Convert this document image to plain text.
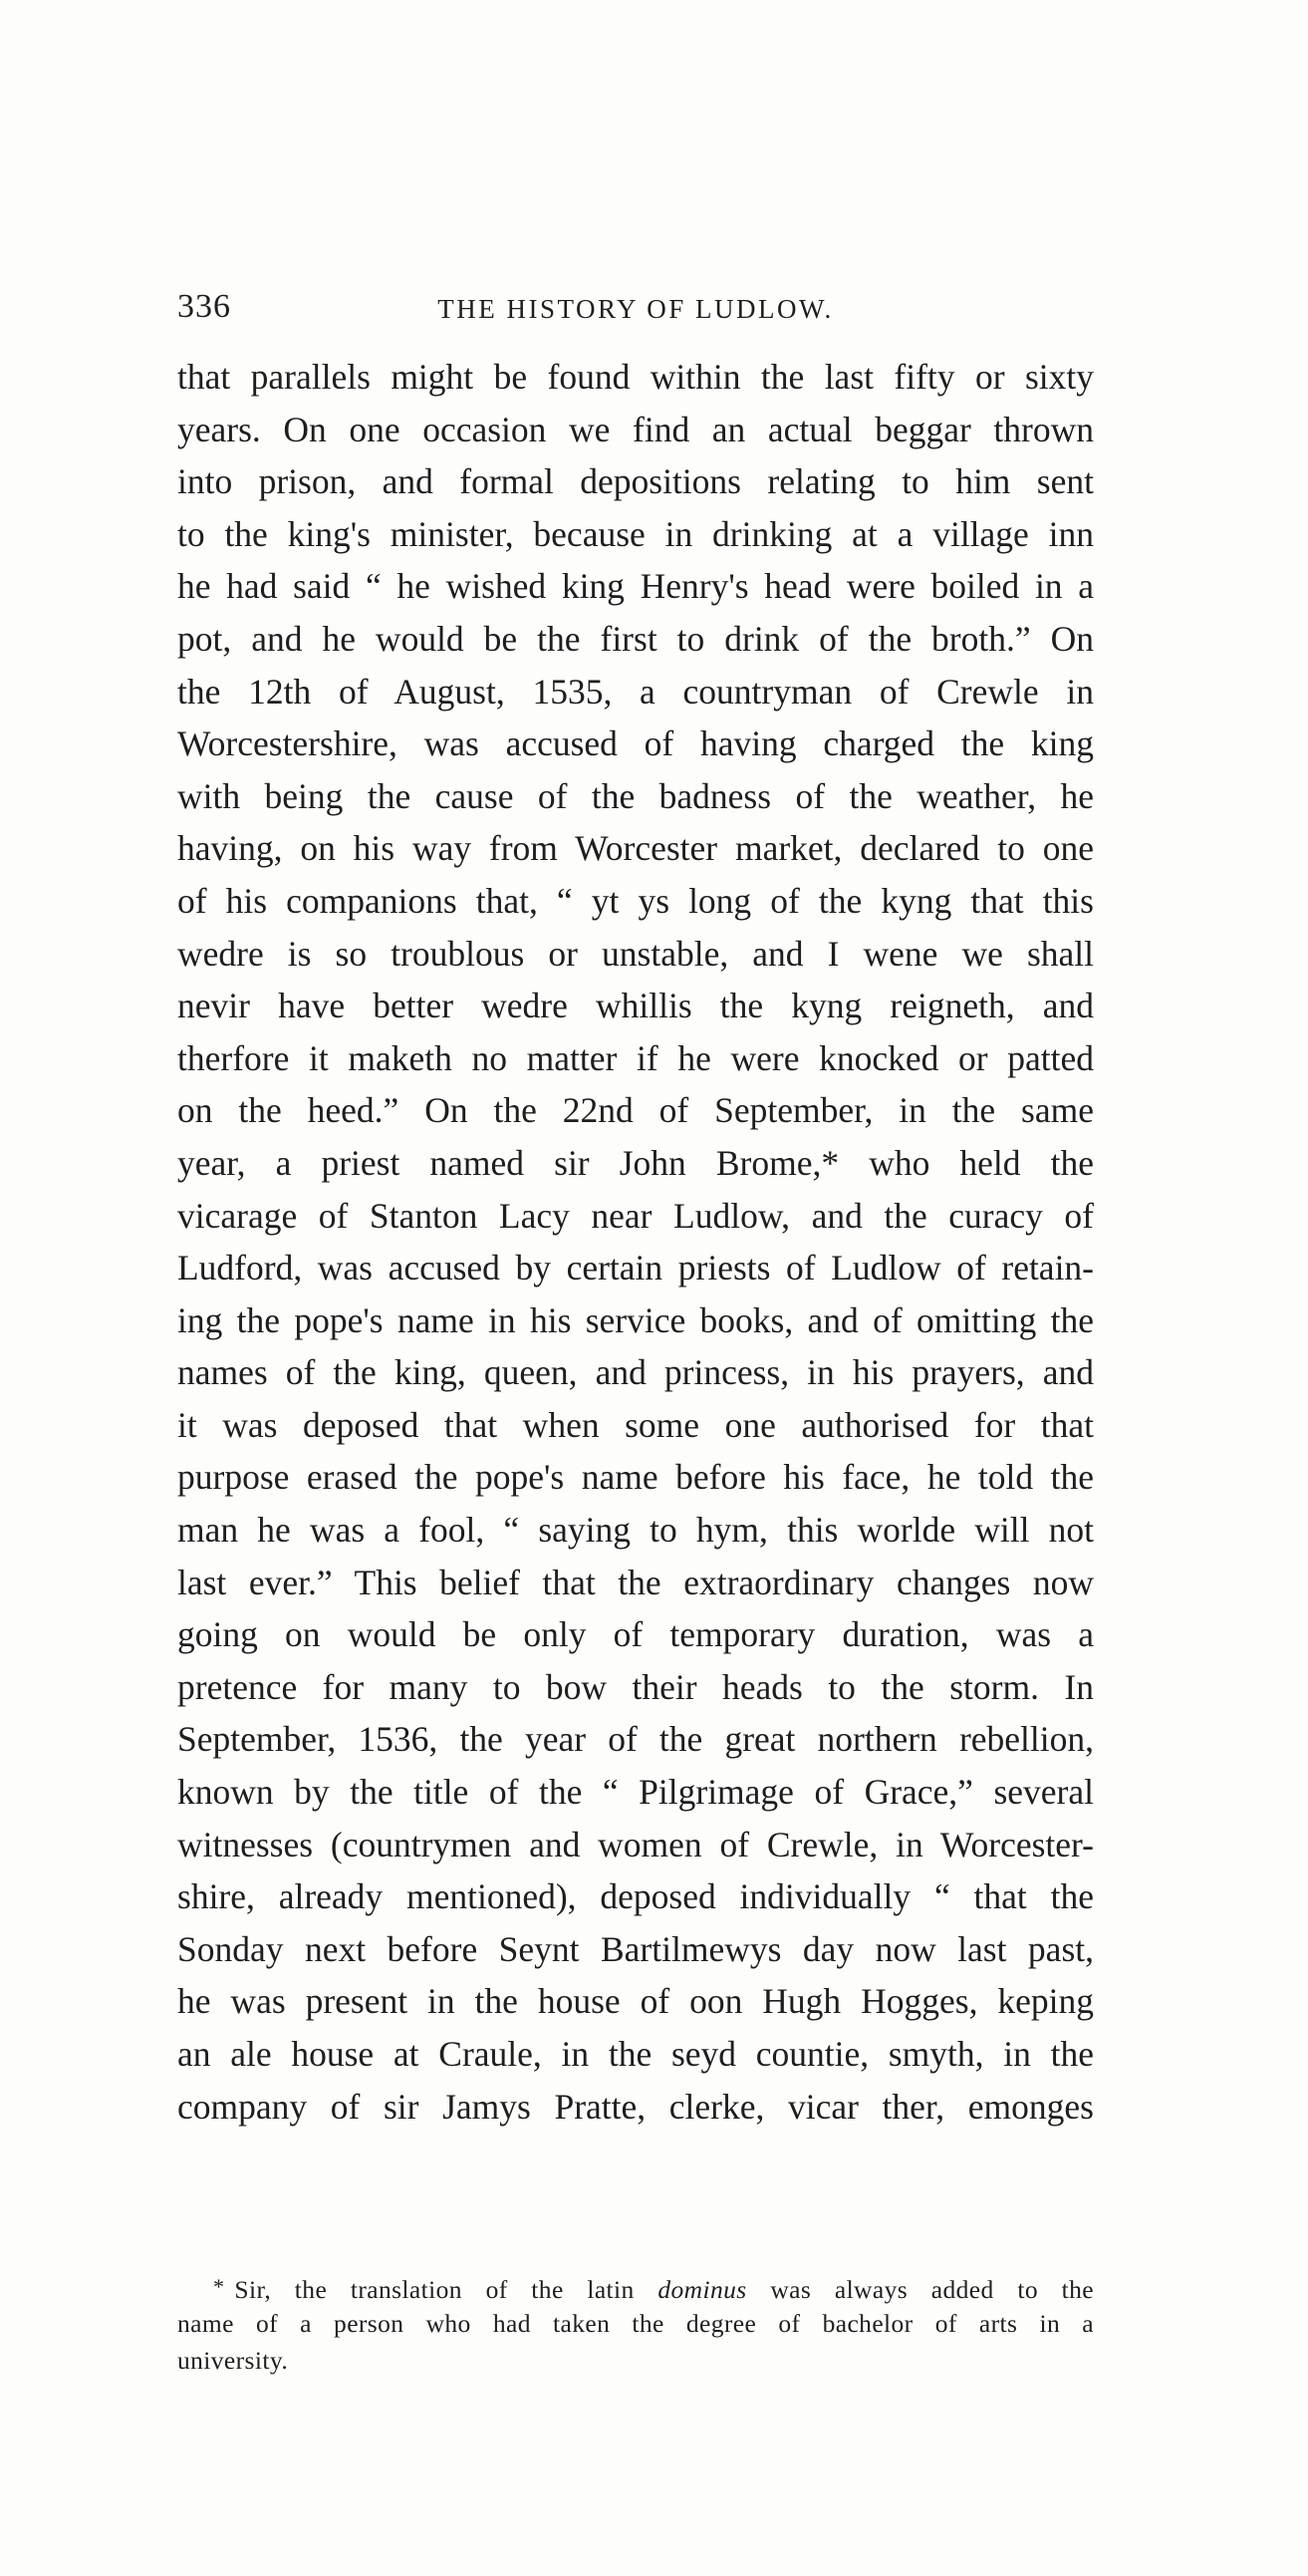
336	THE HISTORY OF LUDLOW.
that parallels might be found within the last fifty or sixty
years. On one occasion we find an actual beggar thrown
into prison, and formal depositions relating to him sent
to the king's minister, because in drinking at a village inn
he had said “ he wished king Henry's head were boiled in a
pot, and he would be the first to drink of the broth.” On
the 12th of August, 1535, a countryman of Crewle in
Worcestershire, was accused of having charged the king
with being the cause of the badness of the weather, he
having, on his way from Worcester market, declared to one
of his companions that, “ yt ys long of the kyng that this
wedre is so troublous or unstable, and I wene we shall
nevir have better wedre whillis the kyng reigneth, and
therfore it maketh no matter if he were knocked or patted
on the heed.” On the 22nd of September, in the same
year, a priest named sir John Brome,* who held the
vicarage of Stanton Lacy near Ludlow, and the curacy of
Ludford, was accused by certain priests of Ludlow of retain-
ing the pope's name in his service books, and of omitting the
names of the king, queen, and princess, in his prayers, and
it was deposed that when some one authorised for that
purpose erased the pope's name before his face, he told the
man he was a fool, “ saying to hym, this worlde will not
last ever.” This belief that the extraordinary changes now
going on would be only of temporary duration, was a
pretence for many to bow their heads to the storm. In
September, 1536, the year of the great northern rebellion,
known by the title of the “ Pilgrimage of Grace,” several
witnesses (countrymen and women of Crewle, in Worcester-
shire, already mentioned), deposed individually “ that the
Sonday next before Seynt Bartilmewys day now last past,
he was present in the house of oon Hugh Hogges, keping
an ale house at Craule, in the seyd countie, smyth, in the
company of sir Jamys Pratte, clerke, vicar ther, emonges
* Sir, the translation of the latin dominus was always added to the
name of a person who had taken the degree of bachelor of arts in a
university.
